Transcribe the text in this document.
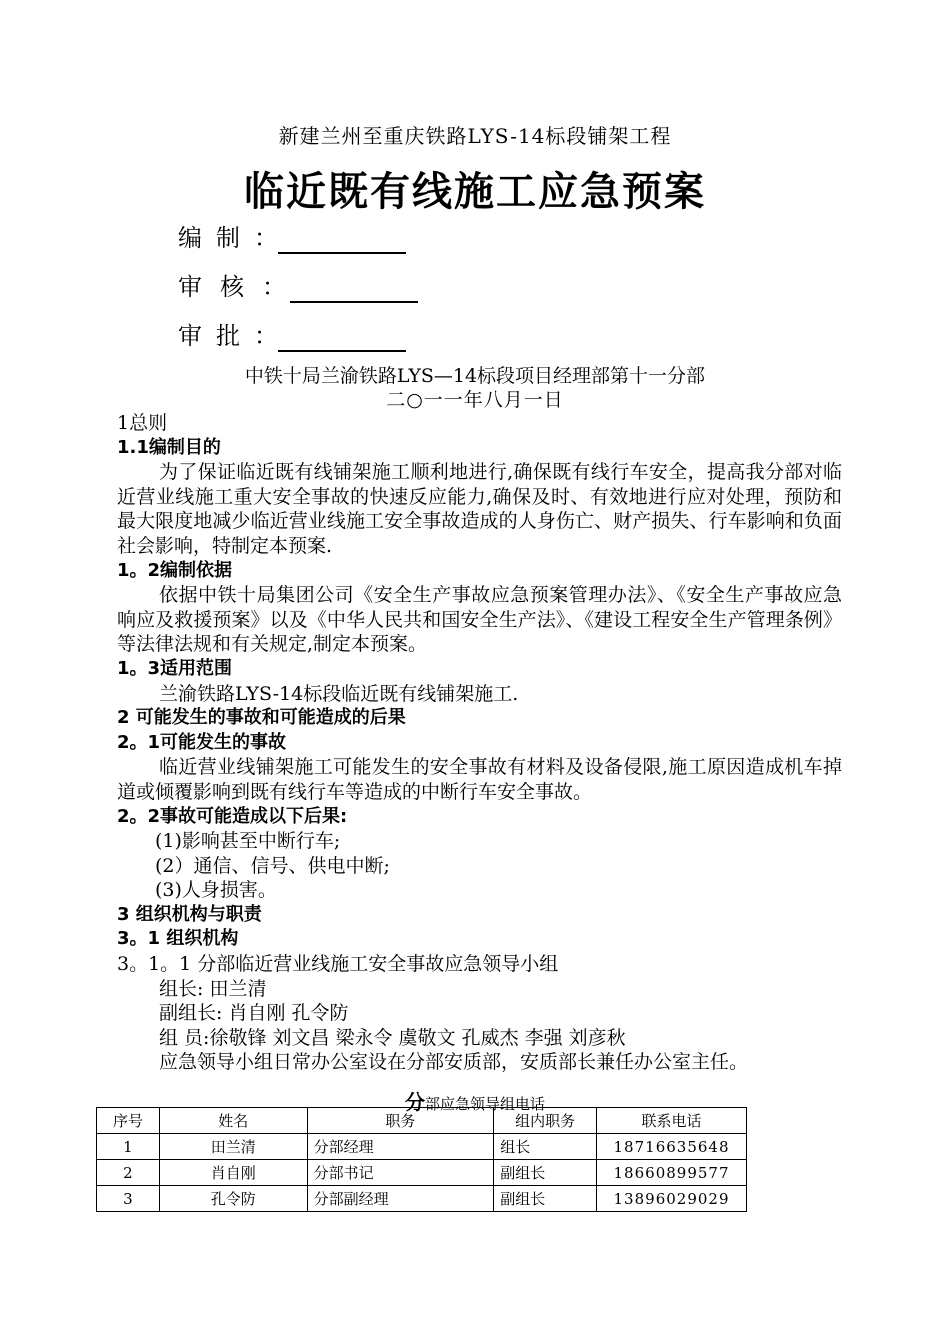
新建兰州至重庆铁路LYS-14标段铺架工程
临近既有线施工应急预案
编制：
审核：
审批：
中铁十局兰渝铁路LYS—14标段项目经理部第十一分部
二○一一年八月一日
1总则
1.1编制目的
为了保证临近既有线铺架施工顺利地进行,确保既有线行车安全，提高我分部对临近营业线施工重大安全事故的快速反应能力,确保及时、有效地进行应对处理，预防和最大限度地减少临近营业线施工安全事故造成的人身伤亡、财产损失、行车影响和负面社会影响，特制定本预案.
1。2编制依据
依据中铁十局集团公司《安全生产事故应急预案管理办法》、《安全生产事故应急响应及救援预案》以及《中华人民共和国安全生产法》、《建设工程安全生产管理条例》等法律法规和有关规定,制定本预案。
1。3适用范围
兰渝铁路LYS-14标段临近既有线铺架施工.
2 可能发生的事故和可能造成的后果
2。1可能发生的事故
临近营业线铺架施工可能发生的安全事故有材料及设备侵限,施工原因造成机车掉道或倾覆影响到既有线行车等造成的中断行车安全事故。
2。2事故可能造成以下后果:
(1)影响甚至中断行车;
(2）通信、信号、供电中断;
(3)人身损害。
3 组织机构与职责
3。1 组织机构
3。1。1 分部临近营业线施工安全事故应急领导小组
组长: 田兰清
副组长: 肖自刚 孔令防
组 员:徐敬锋 刘文昌 梁永令 虞敬文 孔威杰 李强 刘彦秋
应急领导小组日常办公室设在分部安质部，安质部长兼任办公室主任。
分部应急领导组电话
序号	姓名	职务	组内职务	联系电话
1	田兰清	分部经理	组长	18716635648
2	肖自刚	分部书记	副组长	18660899577
3	孔令防	分部副经理	副组长	13896029029
